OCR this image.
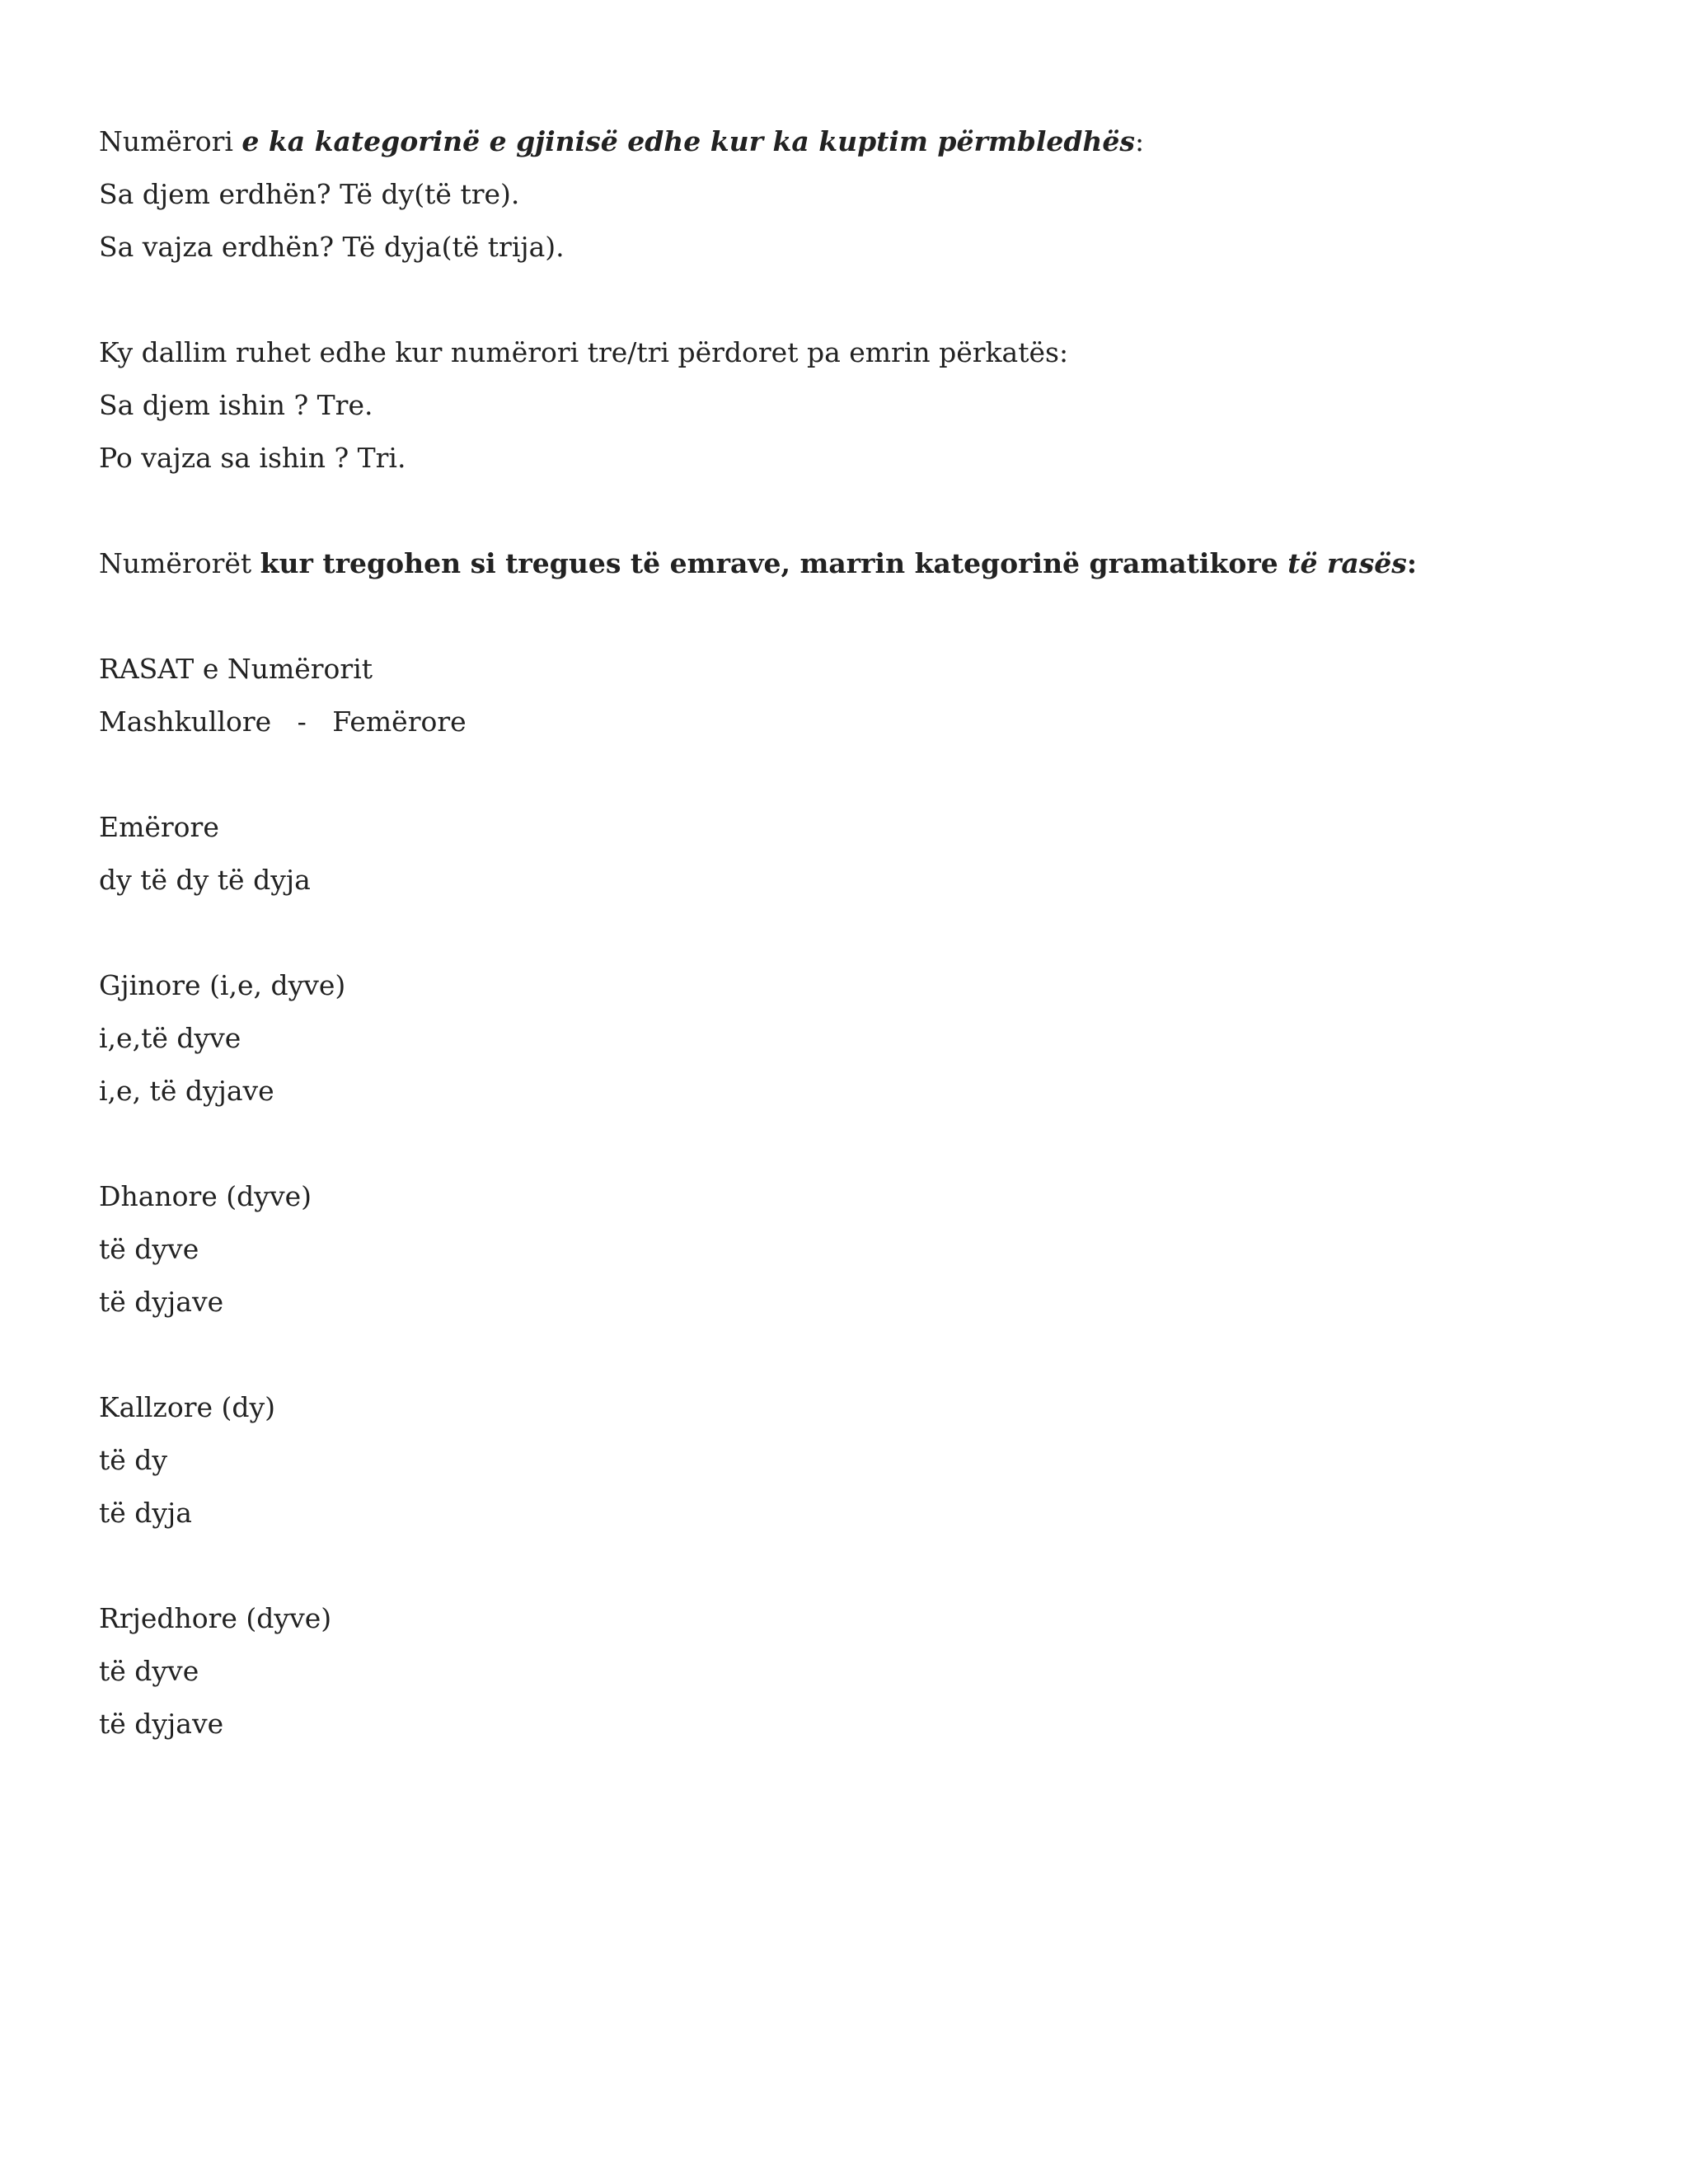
Numërori e ka kategorinë e gjinisë edhe kur ka kuptim përmbledhës:
Sa djem erdhën? Të dy(të tre).
Sa vajza erdhën? Të dyja(të trija).
Ky dallim ruhet edhe kur numërori tre/tri përdoret pa emrin përkatës:
Sa djem ishin ? Tre.
Po vajza sa ishin ? Tri.
Numërorët kur tregohen si tregues të emrave, marrin kategorinë gramatikore të rasës:
RASAT e Numërorit
Mashkullore   -   Femërore
Emërore
dy të dy të dyja
Gjinore (i,e, dyve)
i,e,të dyve
i,e, të dyjave
Dhanore (dyve)
të dyve
të dyjave
Kallzore (dy)
të dy
të dyja
Rrjedhore (dyve)
të dyve
të dyjave
